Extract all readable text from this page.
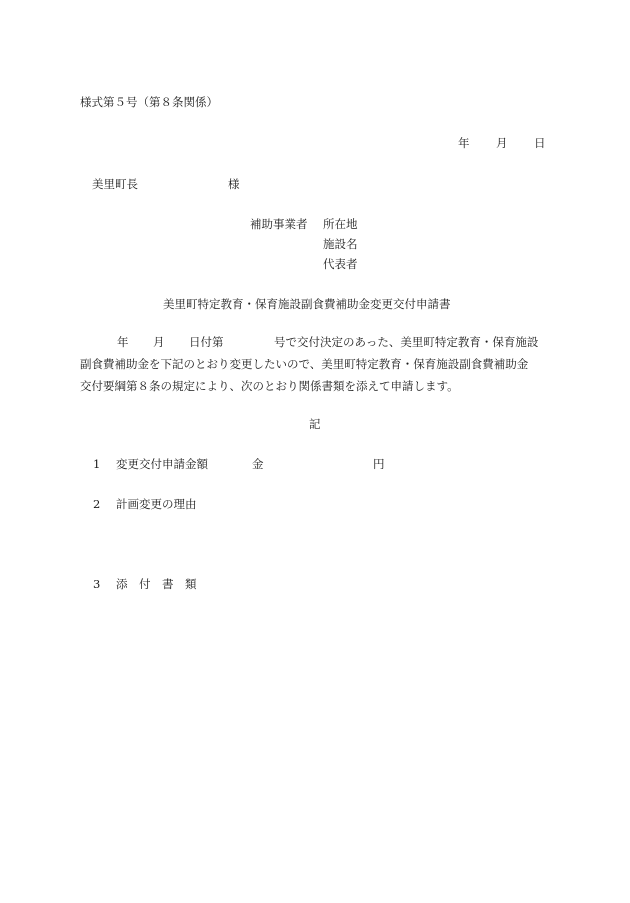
様式第５号（第８条関係）
年 月 日
美里町長	様
補助事業者 所在地
施設名
代表者
美里町特定教育・保育施設副食費補助金変更交付申請書
年 月 日付第	号で交付決定のあった、美里町特定教育・保育施設
副食費補助金を下記のとおり変更したいので、美里町特定教育・保育施設副食費補助金
交付要綱第８条の規定により、次のとおり関係書類を添えて申請します。
記
1 変更交付申請金額	金	円
2 計画変更の理由
3 添　付　書　類
